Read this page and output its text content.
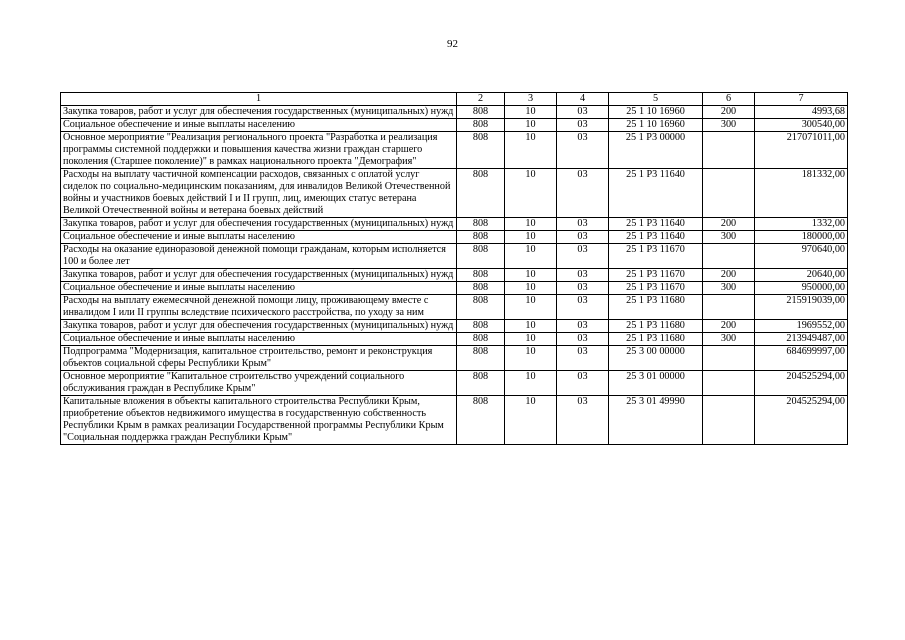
92
1	2	3	4	5	6	7
Закупка товаров, работ и услуг для обеспечения государственных (муниципальных) нужд	808	10	03	25 1 10 16960	200	4993,68
Социальное обеспечение и иные выплаты населению	808	10	03	25 1 10 16960	300	300540,00
Основное мероприятие "Реализация регионального проекта "Разработка и реализация программы системной поддержки и повышения качества жизни граждан старшего поколения (Старшее поколение)" в рамках национального проекта "Демография"	808	10	03	25 1 P3 00000		217071011,00
Расходы на выплату частичной компенсации расходов, связанных с оплатой услуг сиделок по социально-медицинским показаниям, для инвалидов Великой Отечественной войны и участников боевых действий I и II групп, лиц, имеющих статус ветерана Великой Отечественной войны и ветерана боевых действий	808	10	03	25 1 P3 11640		181332,00
Закупка товаров, работ и услуг для обеспечения государственных (муниципальных) нужд	808	10	03	25 1 P3 11640	200	1332,00
Социальное обеспечение и иные выплаты населению	808	10	03	25 1 P3 11640	300	180000,00
Расходы на оказание единоразовой денежной помощи гражданам, которым исполняется 100 и более лет	808	10	03	25 1 P3 11670		970640,00
Закупка товаров, работ и услуг для обеспечения государственных (муниципальных) нужд	808	10	03	25 1 P3 11670	200	20640,00
Социальное обеспечение и иные выплаты населению	808	10	03	25 1 P3 11670	300	950000,00
Расходы на выплату ежемесячной денежной помощи лицу, проживающему вместе с инвалидом I или II группы вследствие психического расстройства, по уходу за ним	808	10	03	25 1 P3 11680		215919039,00
Закупка товаров, работ и услуг для обеспечения государственных (муниципальных) нужд	808	10	03	25 1 P3 11680	200	1969552,00
Социальное обеспечение и иные выплаты населению	808	10	03	25 1 P3 11680	300	213949487,00
Подпрограмма "Модернизация, капитальное строительство, ремонт и реконструкция объектов социальной сферы Республики Крым"	808	10	03	25 3 00 00000		684699997,00
Основное мероприятие "Капитальное строительство учреждений социального обслуживания граждан в Республике Крым"	808	10	03	25 3 01 00000		204525294,00
Капитальные вложения в объекты капитального строительства Республики Крым, приобретение объектов недвижимого имущества в государственную собственность Республики Крым в рамках реализации Государственной программы Республики Крым "Социальная поддержка граждан Республики Крым"	808	10	03	25 3 01 49990		204525294,00
